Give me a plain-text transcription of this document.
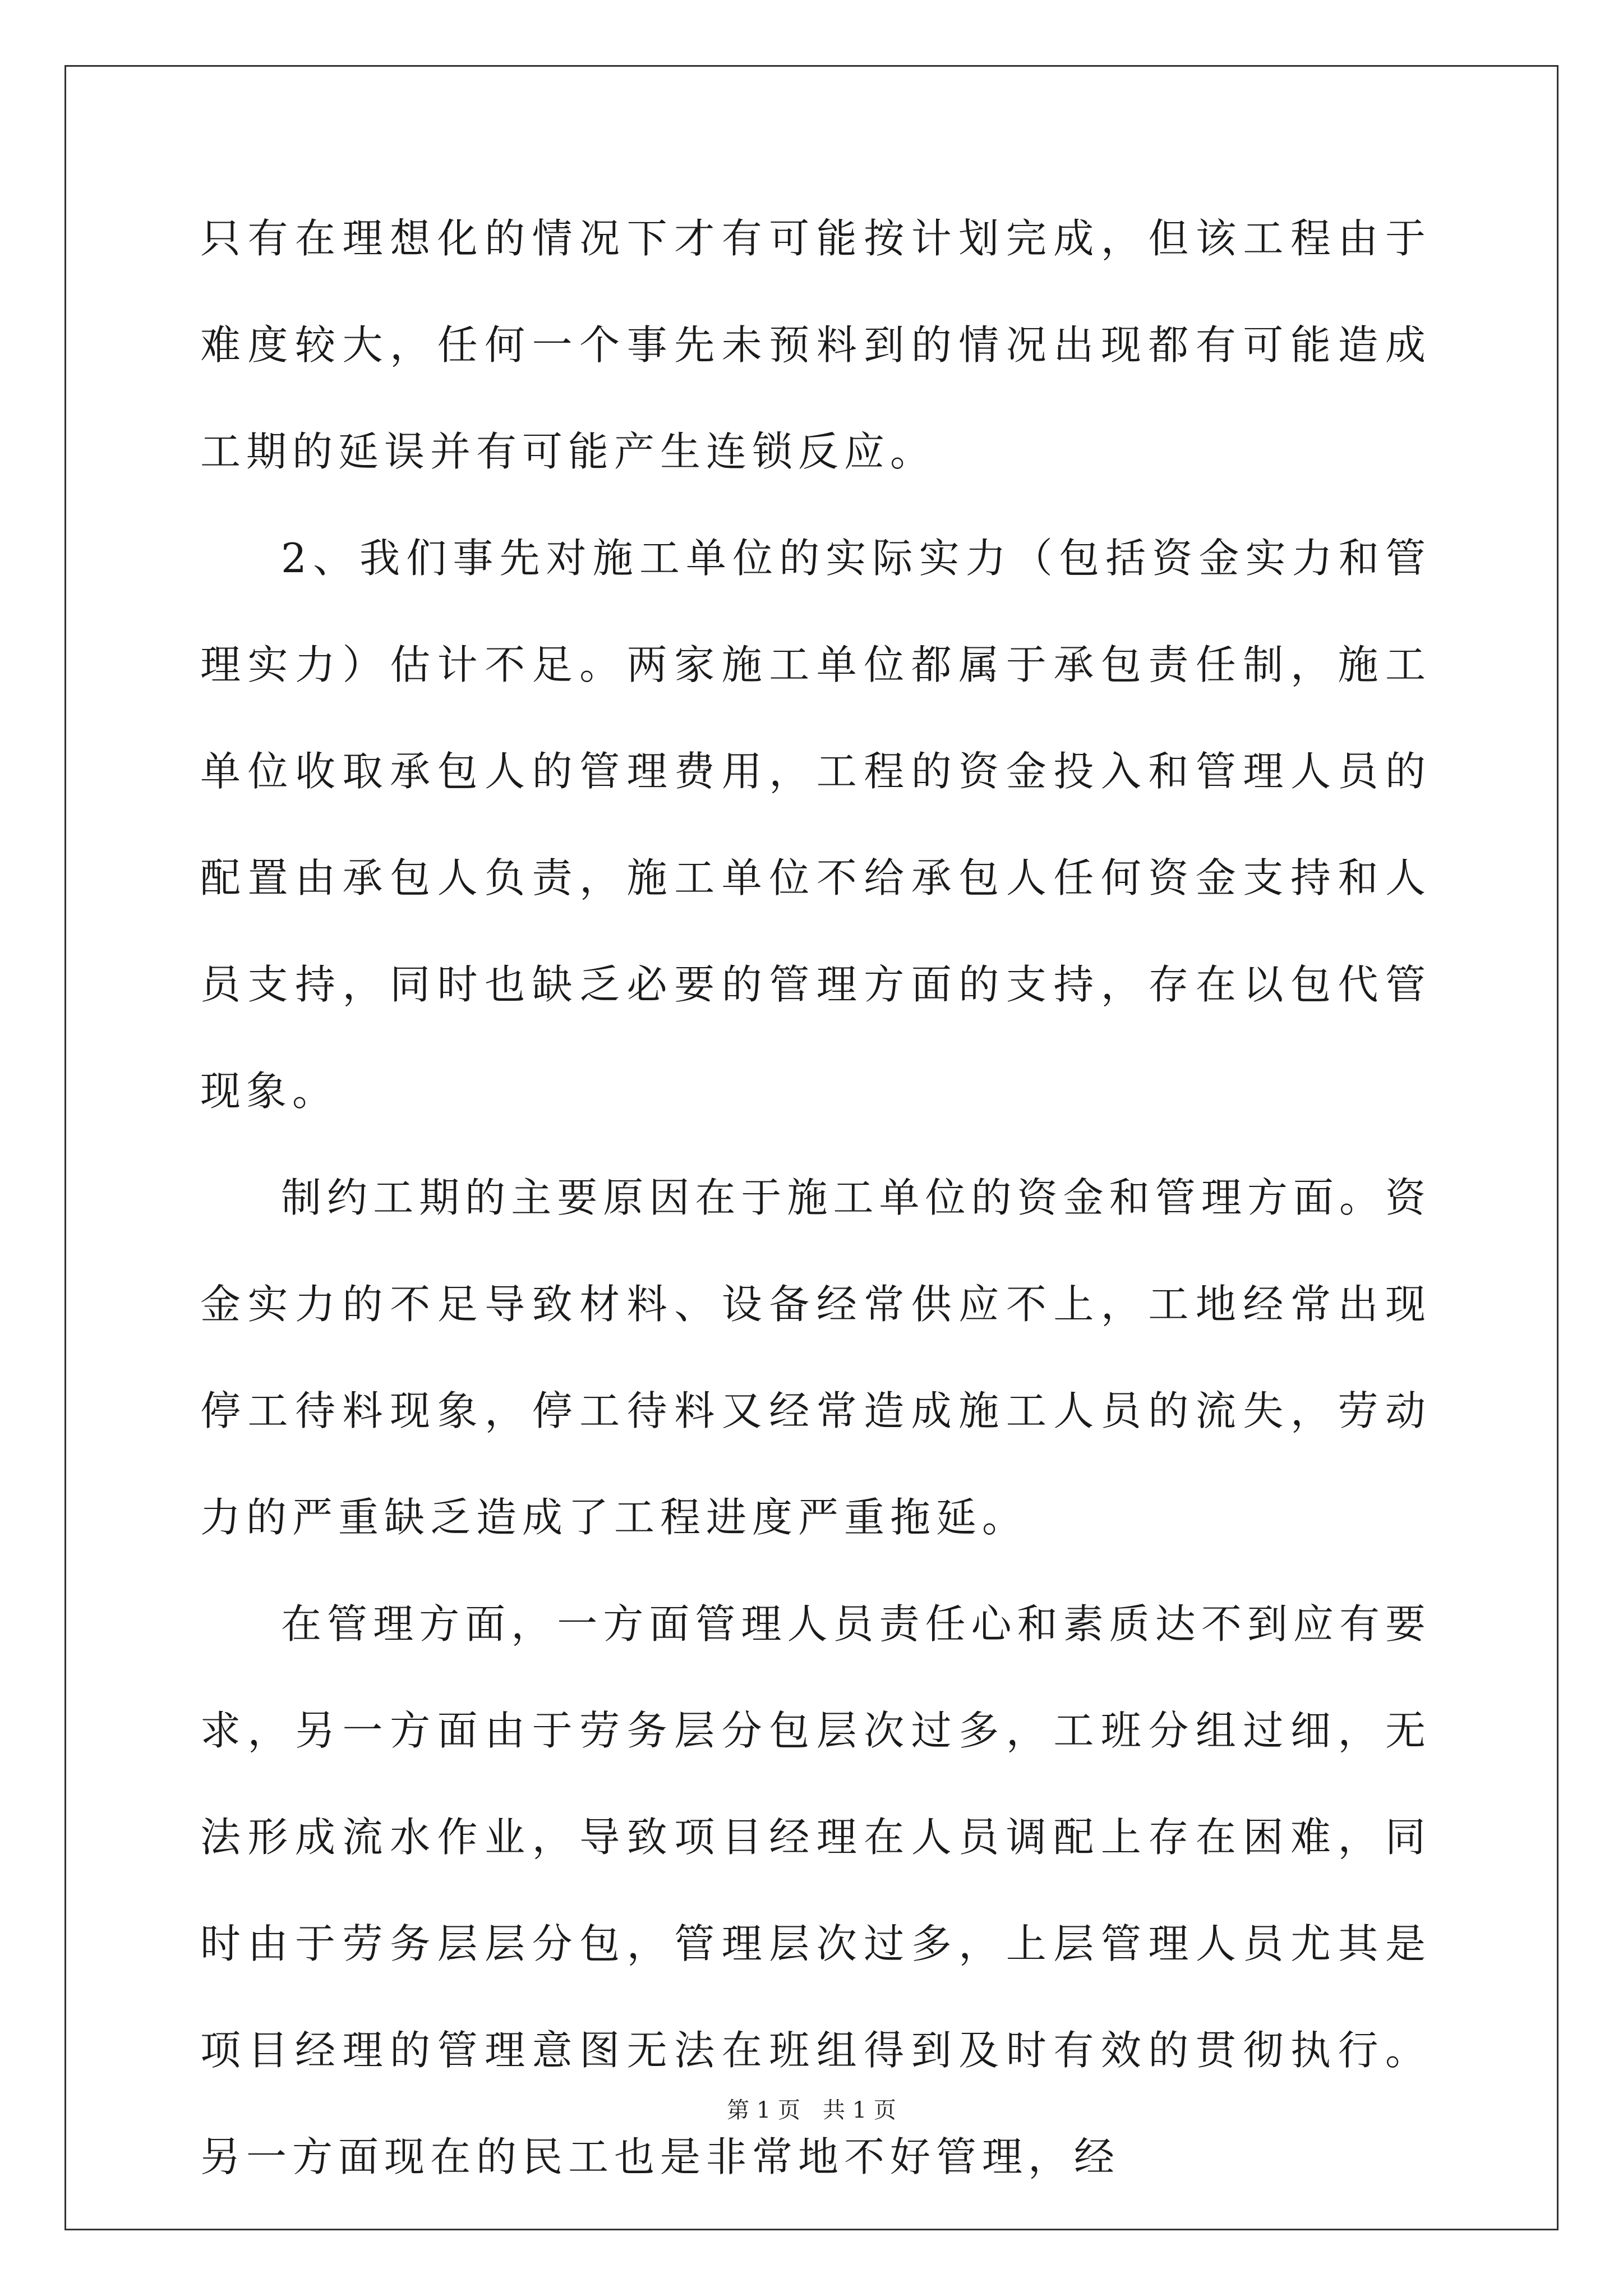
只有在理想化的情况下才有可能按计划完成，但该工程由于难度较大，任何一个事先未预料到的情况出现都有可能造成工期的延误并有可能产生连锁反应。

2、我们事先对施工单位的实际实力（包括资金实力和管理实力）估计不足。两家施工单位都属于承包责任制，施工单位收取承包人的管理费用，工程的资金投入和管理人员的配置由承包人负责，施工单位不给承包人任何资金支持和人员支持，同时也缺乏必要的管理方面的支持，存在以包代管现象。

制约工期的主要原因在于施工单位的资金和管理方面。资金实力的不足导致材料、设备经常供应不上，工地经常出现停工待料现象，停工待料又经常造成施工人员的流失，劳动力的严重缺乏造成了工程进度严重拖延。

在管理方面，一方面管理人员责任心和素质达不到应有要求，另一方面由于劳务层分包层次过多，工班分组过细，无法形成流水作业，导致项目经理在人员调配上存在困难，同时由于劳务层层分包，管理层次过多，上层管理人员尤其是项目经理的管理意图无法在班组得到及时有效的贯彻执行。另一方面现在的民工也是非常地不好管理，经

第 1 页　共 1 页
